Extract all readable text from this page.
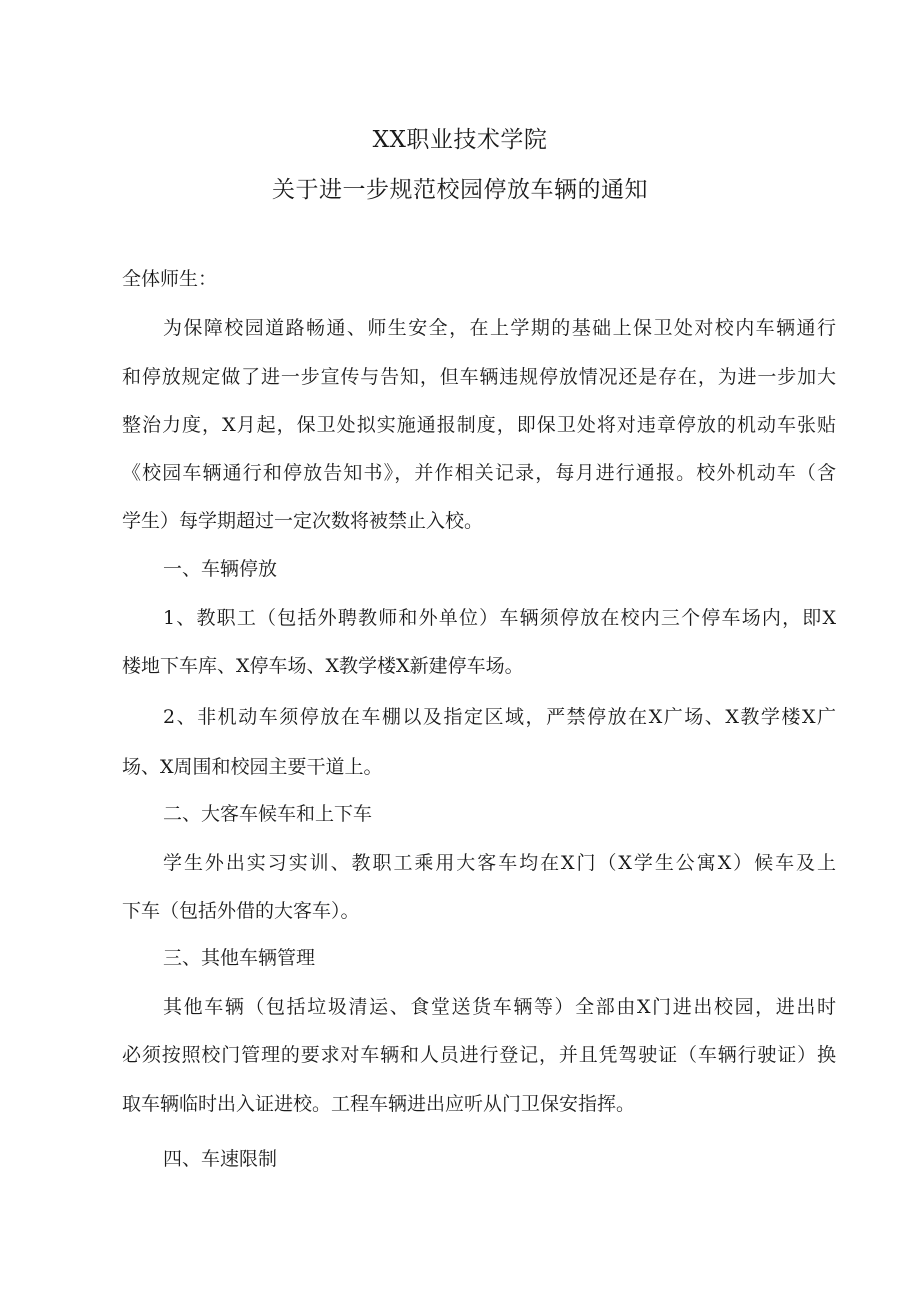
XX职业技术学院
关于进一步规范校园停放车辆的通知
全体师生：
为保障校园道路畅通、师生安全，在上学期的基础上保卫处对校内车辆通行
和停放规定做了进一步宣传与告知，但车辆违规停放情况还是存在，为进一步加大
整治力度，X月起，保卫处拟实施通报制度，即保卫处将对违章停放的机动车张贴
《校园车辆通行和停放告知书》，并作相关记录，每月进行通报。校外机动车（含
学生）每学期超过一定次数将被禁止入校。
一、车辆停放
1、教职工（包括外聘教师和外单位）车辆须停放在校内三个停车场内，即X
楼地下车库、X停车场、X教学楼X新建停车场。
2、非机动车须停放在车棚以及指定区域，严禁停放在X广场、X教学楼X广
场、X周围和校园主要干道上。
二、大客车候车和上下车
学生外出实习实训、教职工乘用大客车均在X门（X学生公寓X）候车及上
下车（包括外借的大客车）。
三、其他车辆管理
其他车辆（包括垃圾清运、食堂送货车辆等）全部由X门进出校园，进出时
必须按照校门管理的要求对车辆和人员进行登记，并且凭驾驶证（车辆行驶证）换
取车辆临时出入证进校。工程车辆进出应听从门卫保安指挥。
四、车速限制
